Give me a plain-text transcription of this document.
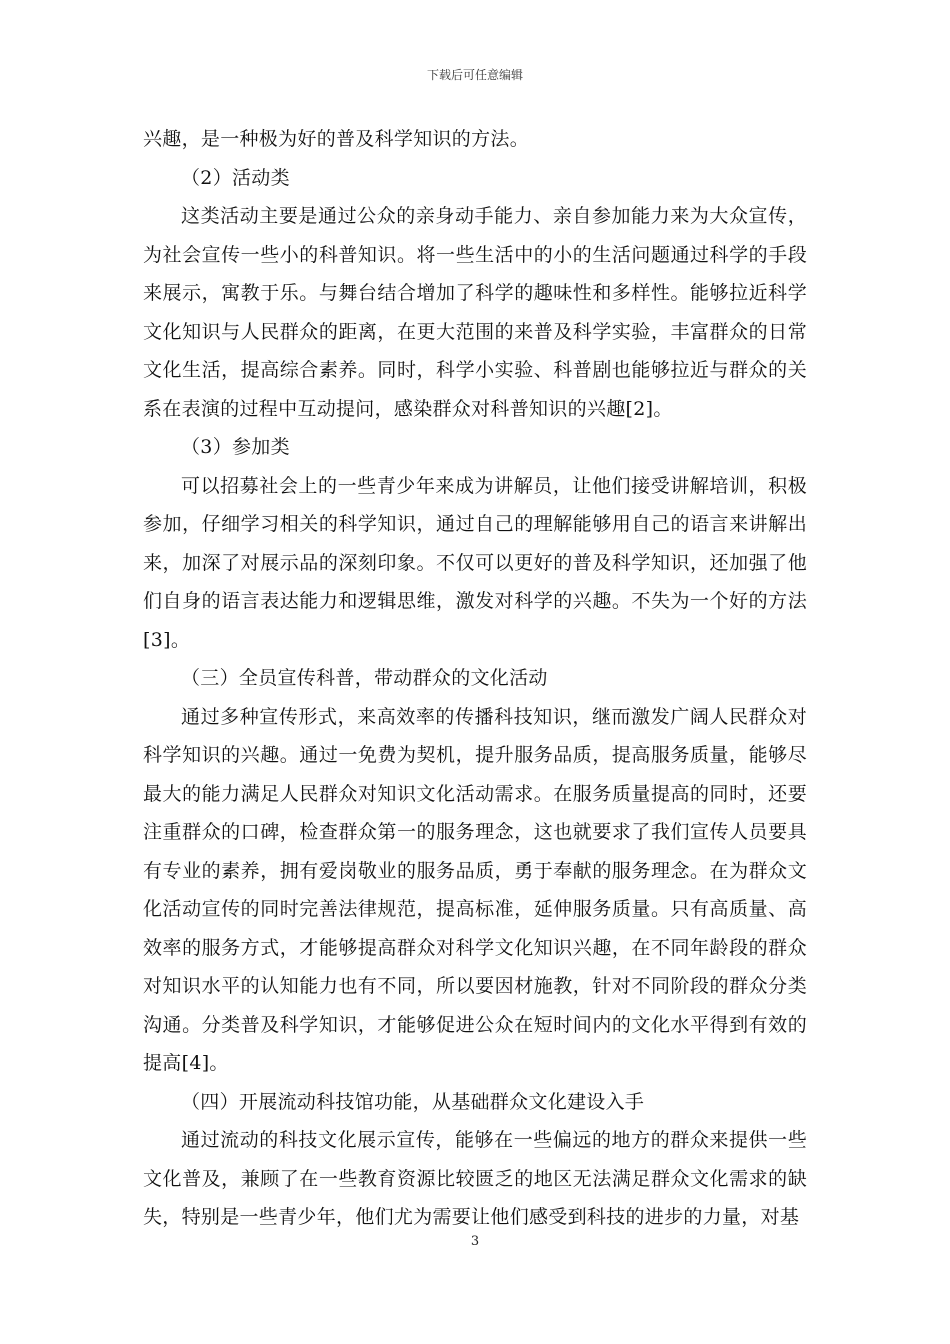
下载后可任意编辑

兴趣，是一种极为好的普及科学知识的方法。

（2）活动类

这类活动主要是通过公众的亲身动手能力、亲自参加能力来为大众宣传，为社会宣传一些小的科普知识。将一些生活中的小的生活问题通过科学的手段来展示，寓教于乐。与舞台结合增加了科学的趣味性和多样性。能够拉近科学文化知识与人民群众的距离，在更大范围的来普及科学实验，丰富群众的日常文化生活，提高综合素养。同时，科学小实验、科普剧也能够拉近与群众的关系在表演的过程中互动提问，感染群众对科普知识的兴趣[2]。

（3）参加类

可以招募社会上的一些青少年来成为讲解员，让他们接受讲解培训，积极参加，仔细学习相关的科学知识，通过自己的理解能够用自己的语言来讲解出来，加深了对展示品的深刻印象。不仅可以更好的普及科学知识，还加强了他们自身的语言表达能力和逻辑思维，激发对科学的兴趣。不失为一个好的方法[3]。

（三）全员宣传科普，带动群众的文化活动

通过多种宣传形式，来高效率的传播科技知识，继而激发广阔人民群众对科学知识的兴趣。通过一免费为契机，提升服务品质，提高服务质量，能够尽最大的能力满足人民群众对知识文化活动需求。在服务质量提高的同时，还要注重群众的口碑，检查群众第一的服务理念，这也就要求了我们宣传人员要具有专业的素养，拥有爱岗敬业的服务品质，勇于奉献的服务理念。在为群众文化活动宣传的同时完善法律规范，提高标准，延伸服务质量。只有高质量、高效率的服务方式，才能够提高群众对科学文化知识兴趣，在不同年龄段的群众对知识水平的认知能力也有不同，所以要因材施教，针对不同阶段的群众分类沟通。分类普及科学知识，才能够促进公众在短时间内的文化水平得到有效的提高[4]。

（四）开展流动科技馆功能，从基础群众文化建设入手

通过流动的科技文化展示宣传，能够在一些偏远的地方的群众来提供一些文化普及，兼顾了在一些教育资源比较匮乏的地区无法满足群众文化需求的缺失，特别是一些青少年，他们尤为需要让他们感受到科技的进步的力量，对基

3
